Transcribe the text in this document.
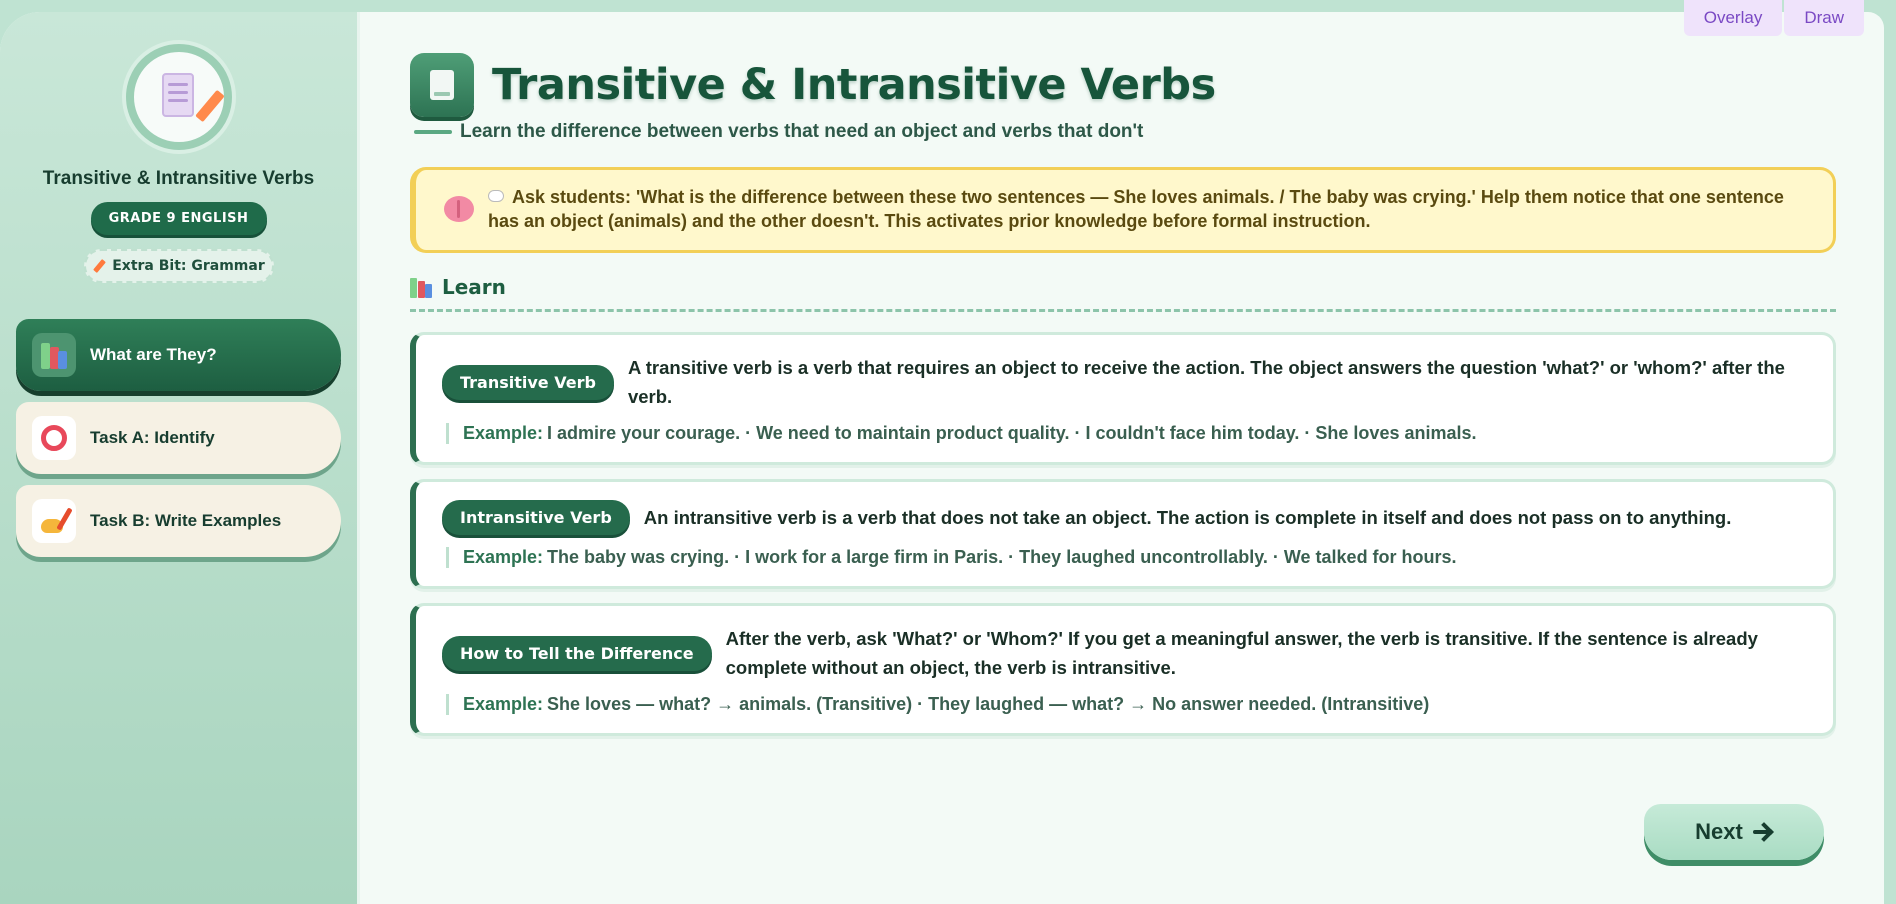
Overlay	Draw
Transitive & Intransitive Verbs
GRADE 9 ENGLISH
Extra Bit: Grammar
What are They?
Task A: Identify
Task B: Write Examples
Transitive & Intransitive Verbs
Learn the difference between verbs that need an object and verbs that don't

Ask students: 'What is the difference between these two sentences — She loves animals. / The baby was crying.' Help them notice that one sentence has an object (animals) and the other doesn't. This activates prior knowledge before formal instruction.

Learn
Transitive Verb

A transitive verb is a verb that requires an object to receive the action. The object answers the question 'what?' or 'whom?' after the verb.

Example: I admire your courage. · We need to maintain product quality. · I couldn't face him today. · She loves animals.

Intransitive Verb	An intransitive verb is a verb that does not take an object. The action is complete in itself and does not pass on to anything.

Example: The baby was crying. · I work for a large firm in Paris. · They laughed uncontrollably. · We talked for hours.

How to Tell the Difference

After the verb, ask 'What?' or 'Whom?' If you get a meaningful answer, the verb is transitive. If the sentence is already complete without an object, the verb is intransitive.

Example: She loves — what? → animals. (Transitive) · They laughed — what? → No answer needed. (Intransitive)

Next
